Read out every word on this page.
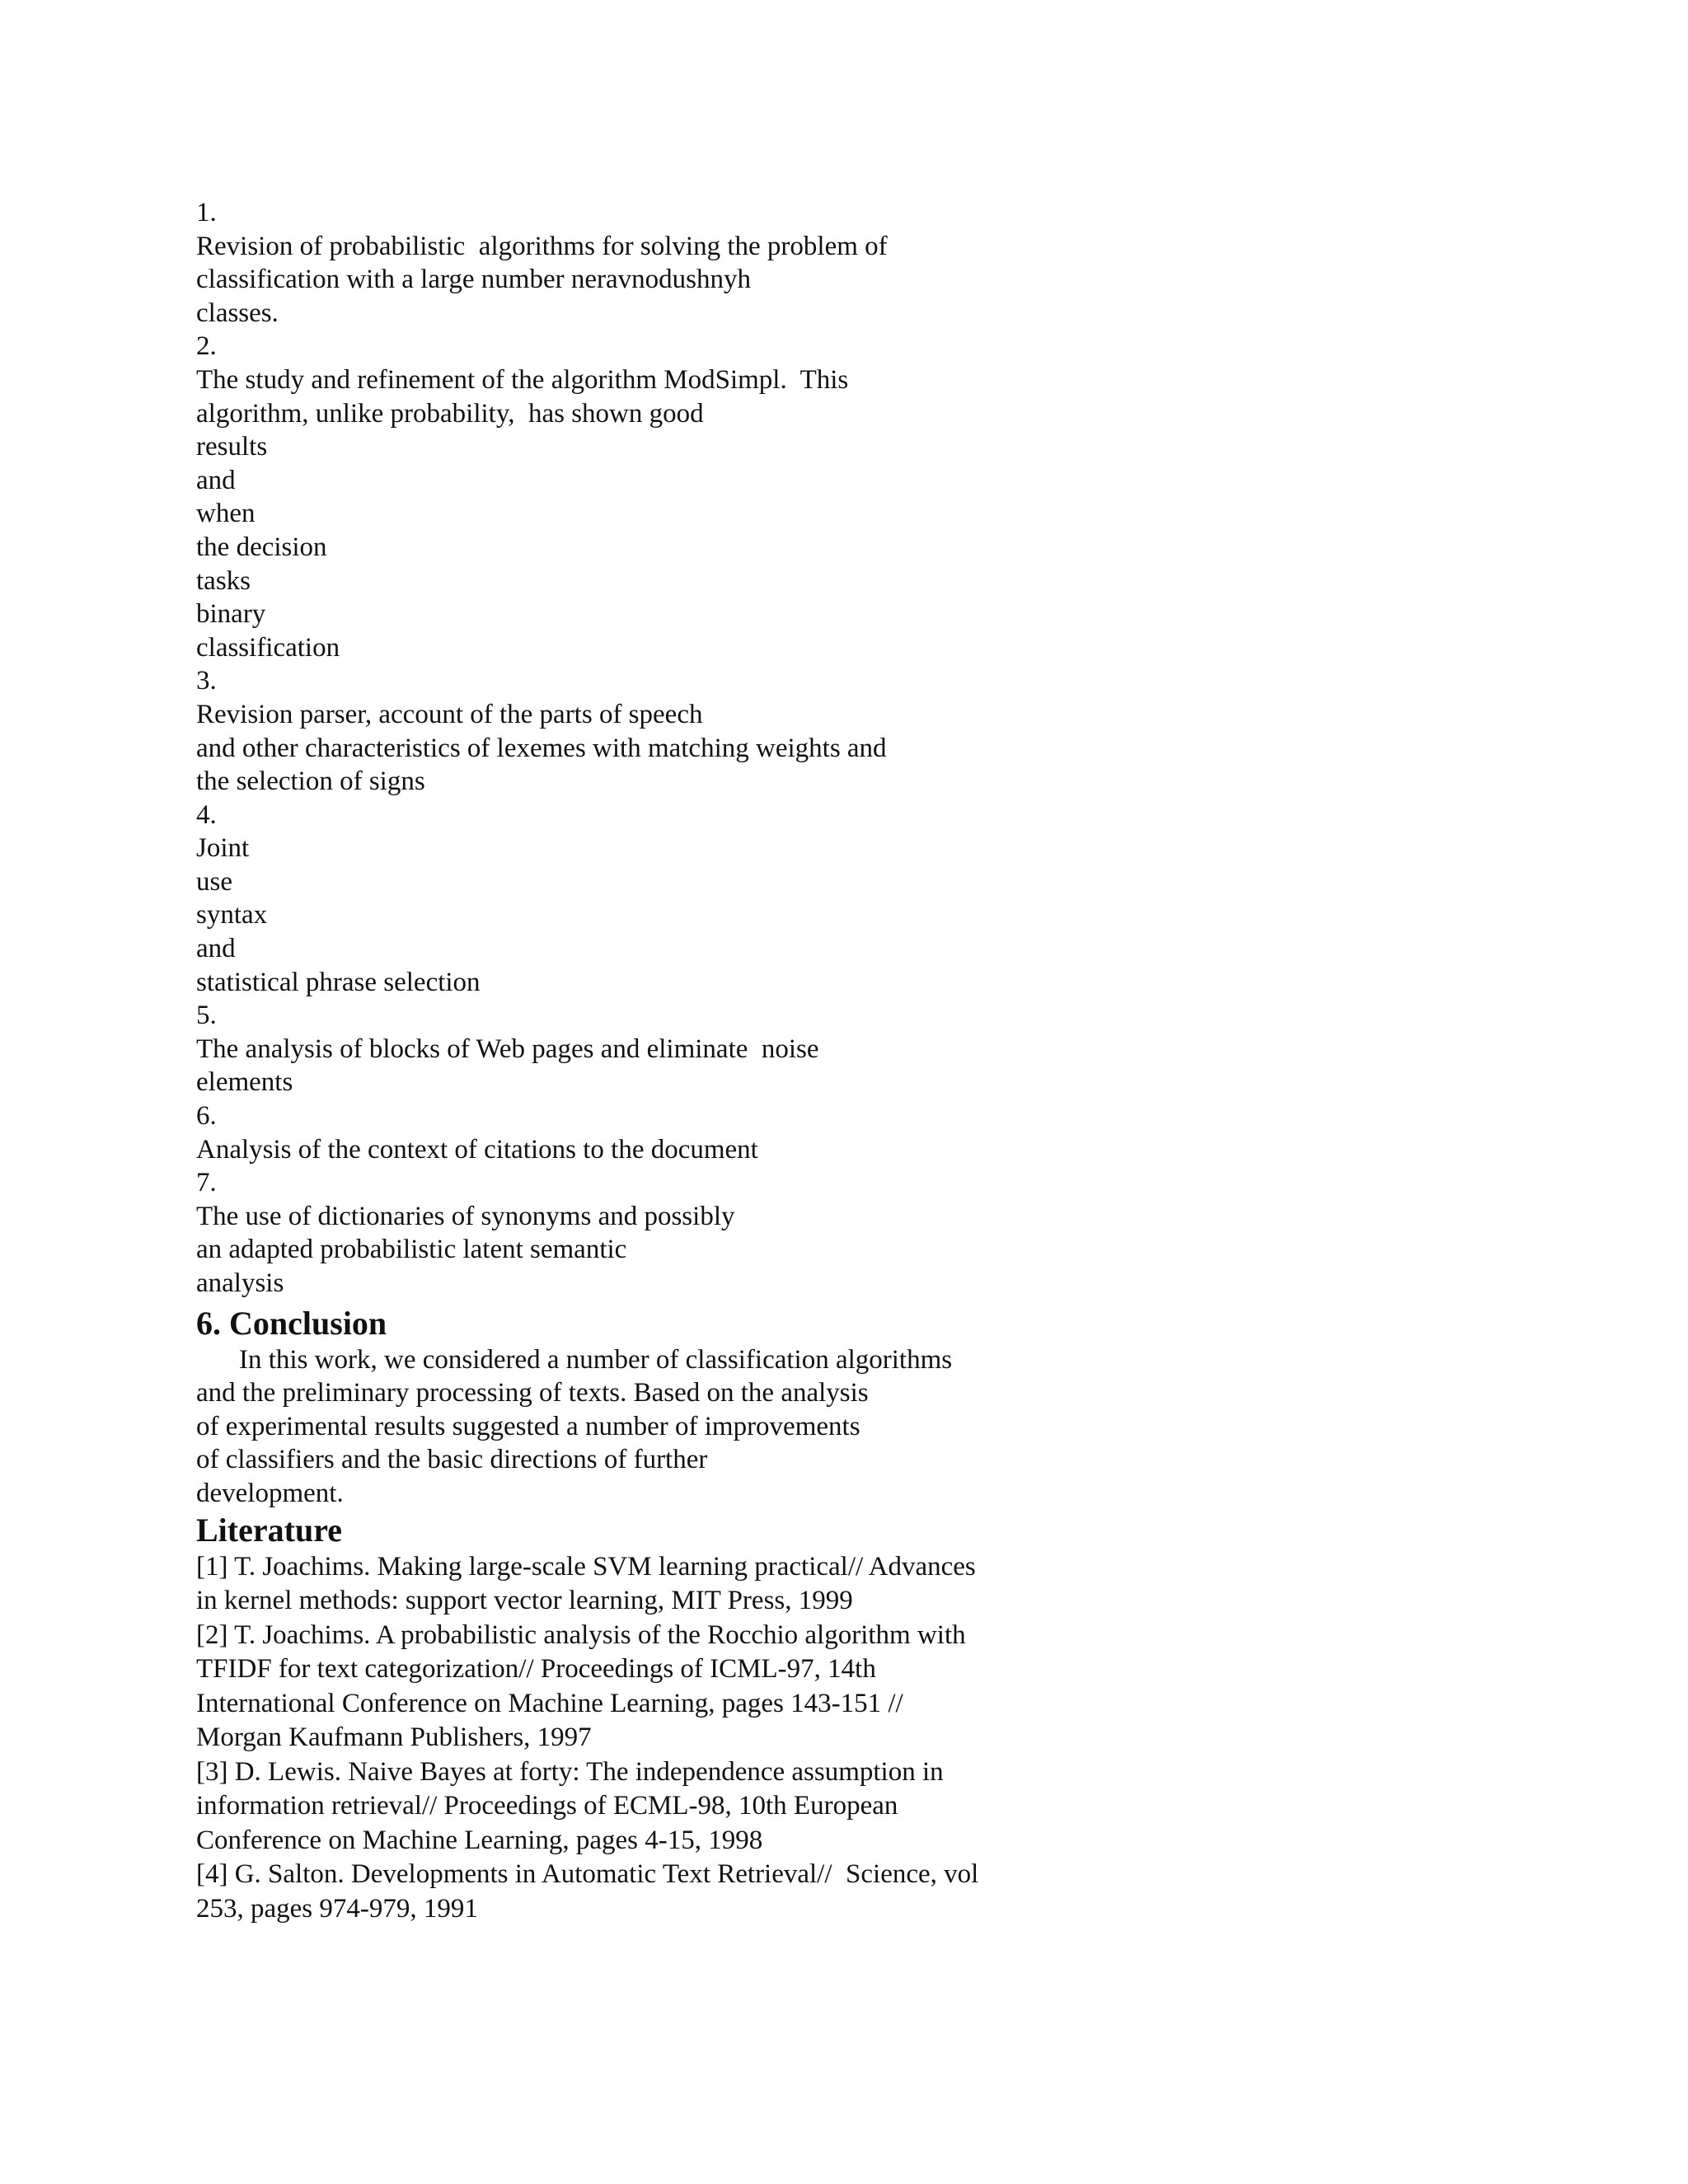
1.
Revision of probabilistic  algorithms for solving the problem of
classification with a large number neravnodushnyh
classes.
2.
The study and refinement of the algorithm ModSimpl.  This
algorithm, unlike probability,  has shown good
results
and
when
the decision
tasks
binary
classification
3.
Revision parser, account of the parts of speech
and other characteristics of lexemes with matching weights and
the selection of signs
4.
Joint
use
syntax
and
statistical phrase selection
5.
The analysis of blocks of Web pages and eliminate  noise
elements
6.
Analysis of the context of citations to the document
7.
The use of dictionaries of synonyms and possibly
an adapted probabilistic latent semantic
analysis
6. Conclusion
In this work, we considered a number of classification algorithms
and the preliminary processing of texts. Based on the analysis
of experimental results suggested a number of improvements
of classifiers and the basic directions of further
development.
Literature
[1] T. Joachims. Making large-scale SVM learning practical// Advances
in kernel methods: support vector learning, MIT Press, 1999
[2] T. Joachims. A probabilistic analysis of the Rocchio algorithm with
TFIDF for text categorization// Proceedings of ICML-97, 14th
International Conference on Machine Learning, pages 143-151 //
Morgan Kaufmann Publishers, 1997
[3] D. Lewis. Naive Bayes at forty: The independence assumption in
information retrieval// Proceedings of ECML-98, 10th European
Conference on Machine Learning, pages 4-15, 1998
[4] G. Salton. Developments in Automatic Text Retrieval//  Science, vol
253, pages 974-979, 1991
